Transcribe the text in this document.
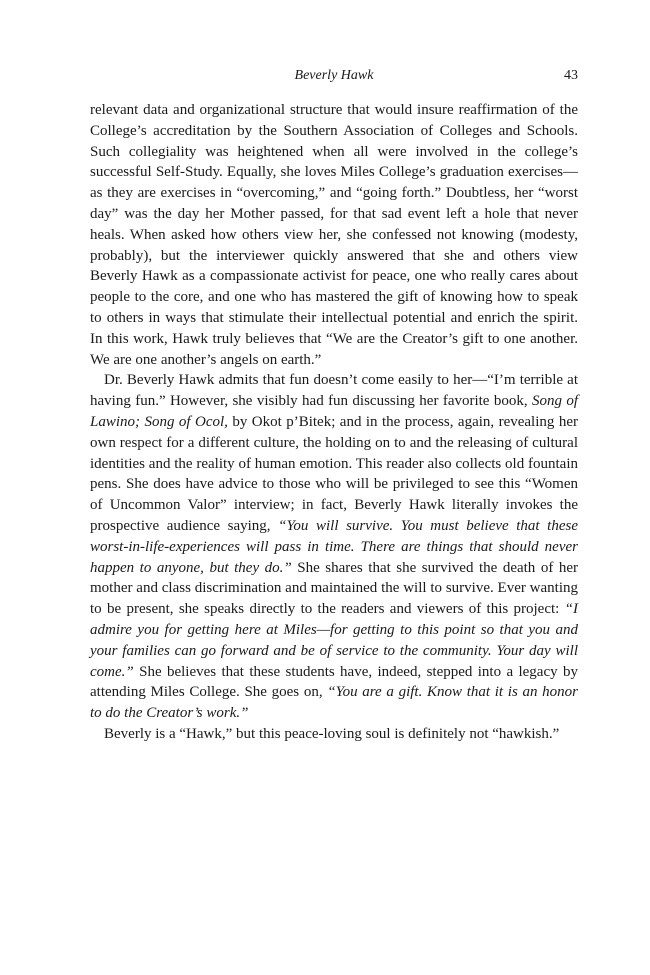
Beverly Hawk	43

relevant data and organizational structure that would insure reaffirmation of the College’s accreditation by the Southern Association of Colleges and Schools. Such collegiality was heightened when all were involved in the college’s successful Self-Study. Equally, she loves Miles College’s graduation exercises—as they are exercises in “overcoming,” and “going forth.” Doubtless, her “worst day” was the day her Mother passed, for that sad event left a hole that never heals. When asked how others view her, she confessed not knowing (modesty, probably), but the interviewer quickly answered that she and others view Beverly Hawk as a compassionate activist for peace, one who really cares about people to the core, and one who has mastered the gift of knowing how to speak to others in ways that stimulate their intellectual potential and enrich the spirit. In this work, Hawk truly believes that “We are the Creator’s gift to one another. We are one another’s angels on earth.”

Dr. Beverly Hawk admits that fun doesn’t come easily to her—“I’m terrible at having fun.” However, she visibly had fun discussing her favorite book, Song of Lawino; Song of Ocol, by Okot p’Bitek; and in the process, again, revealing her own respect for a different culture, the holding on to and the releasing of cultural identities and the reality of human emotion. This reader also collects old fountain pens. She does have advice to those who will be privileged to see this “Women of Uncommon Valor” interview; in fact, Beverly Hawk literally invokes the prospective audience saying, “You will survive. You must believe that these worst-in-life-experiences will pass in time. There are things that should never happen to anyone, but they do.” She shares that she survived the death of her mother and class discrimination and maintained the will to survive. Ever wanting to be present, she speaks directly to the readers and viewers of this project: “I admire you for getting here at Miles—for getting to this point so that you and your families can go forward and be of service to the community. Your day will come.” She believes that these students have, indeed, stepped into a legacy by attending Miles College. She goes on, “You are a gift. Know that it is an honor to do the Creator’s work.”

Beverly is a “Hawk,” but this peace-loving soul is definitely not “hawkish.”
